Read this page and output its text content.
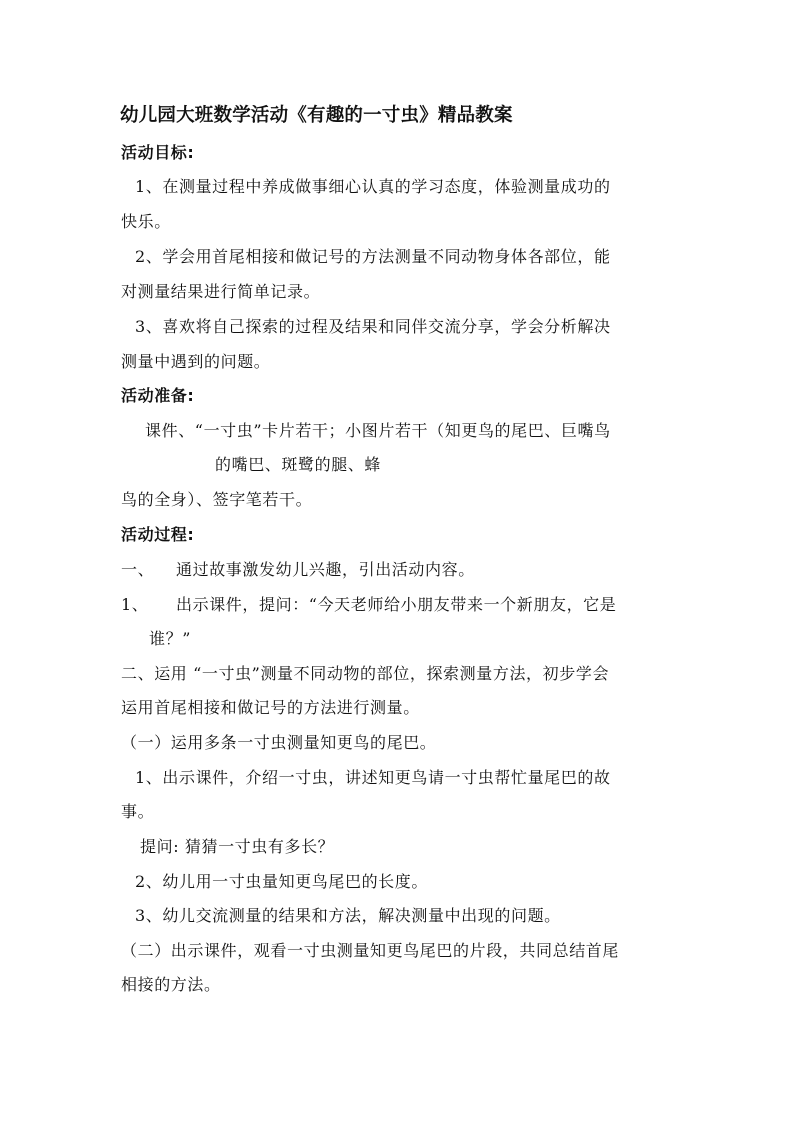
幼儿园大班数学活动《有趣的一寸虫》精品教案
活动目标:
1、在测量过程中养成做事细心认真的学习态度，体验测量成功的
快乐。
2、学会用首尾相接和做记号的方法测量不同动物身体各部位，能
对测量结果进行简单记录。
3、喜欢将自己探索的过程及结果和同伴交流分享，学会分析解决
测量中遇到的问题。
活动准备:
课件、“一寸虫”卡片若干；小图片若干（知更鸟的尾巴、巨嘴鸟
的嘴巴、斑鹭的腿、蜂
鸟的全身）、签字笔若干。
活动过程:
一、 通过故事激发幼儿兴趣，引出活动内容。
1、 出示课件，提问：“今天老师给小朋友带来一个新朋友，它是
谁？”
二、运用 “一寸虫”测量不同动物的部位，探索测量方法，初步学会
运用首尾相接和做记号的方法进行测量。
（一）运用多条一寸虫测量知更鸟的尾巴。
1、出示课件，介绍一寸虫，讲述知更鸟请一寸虫帮忙量尾巴的故
事。
提问: 猜猜一寸虫有多长？
2、幼儿用一寸虫量知更鸟尾巴的长度。
3、幼儿交流测量的结果和方法，解决测量中出现的问题。
（二）出示课件，观看一寸虫测量知更鸟尾巴的片段，共同总结首尾
相接的方法。
